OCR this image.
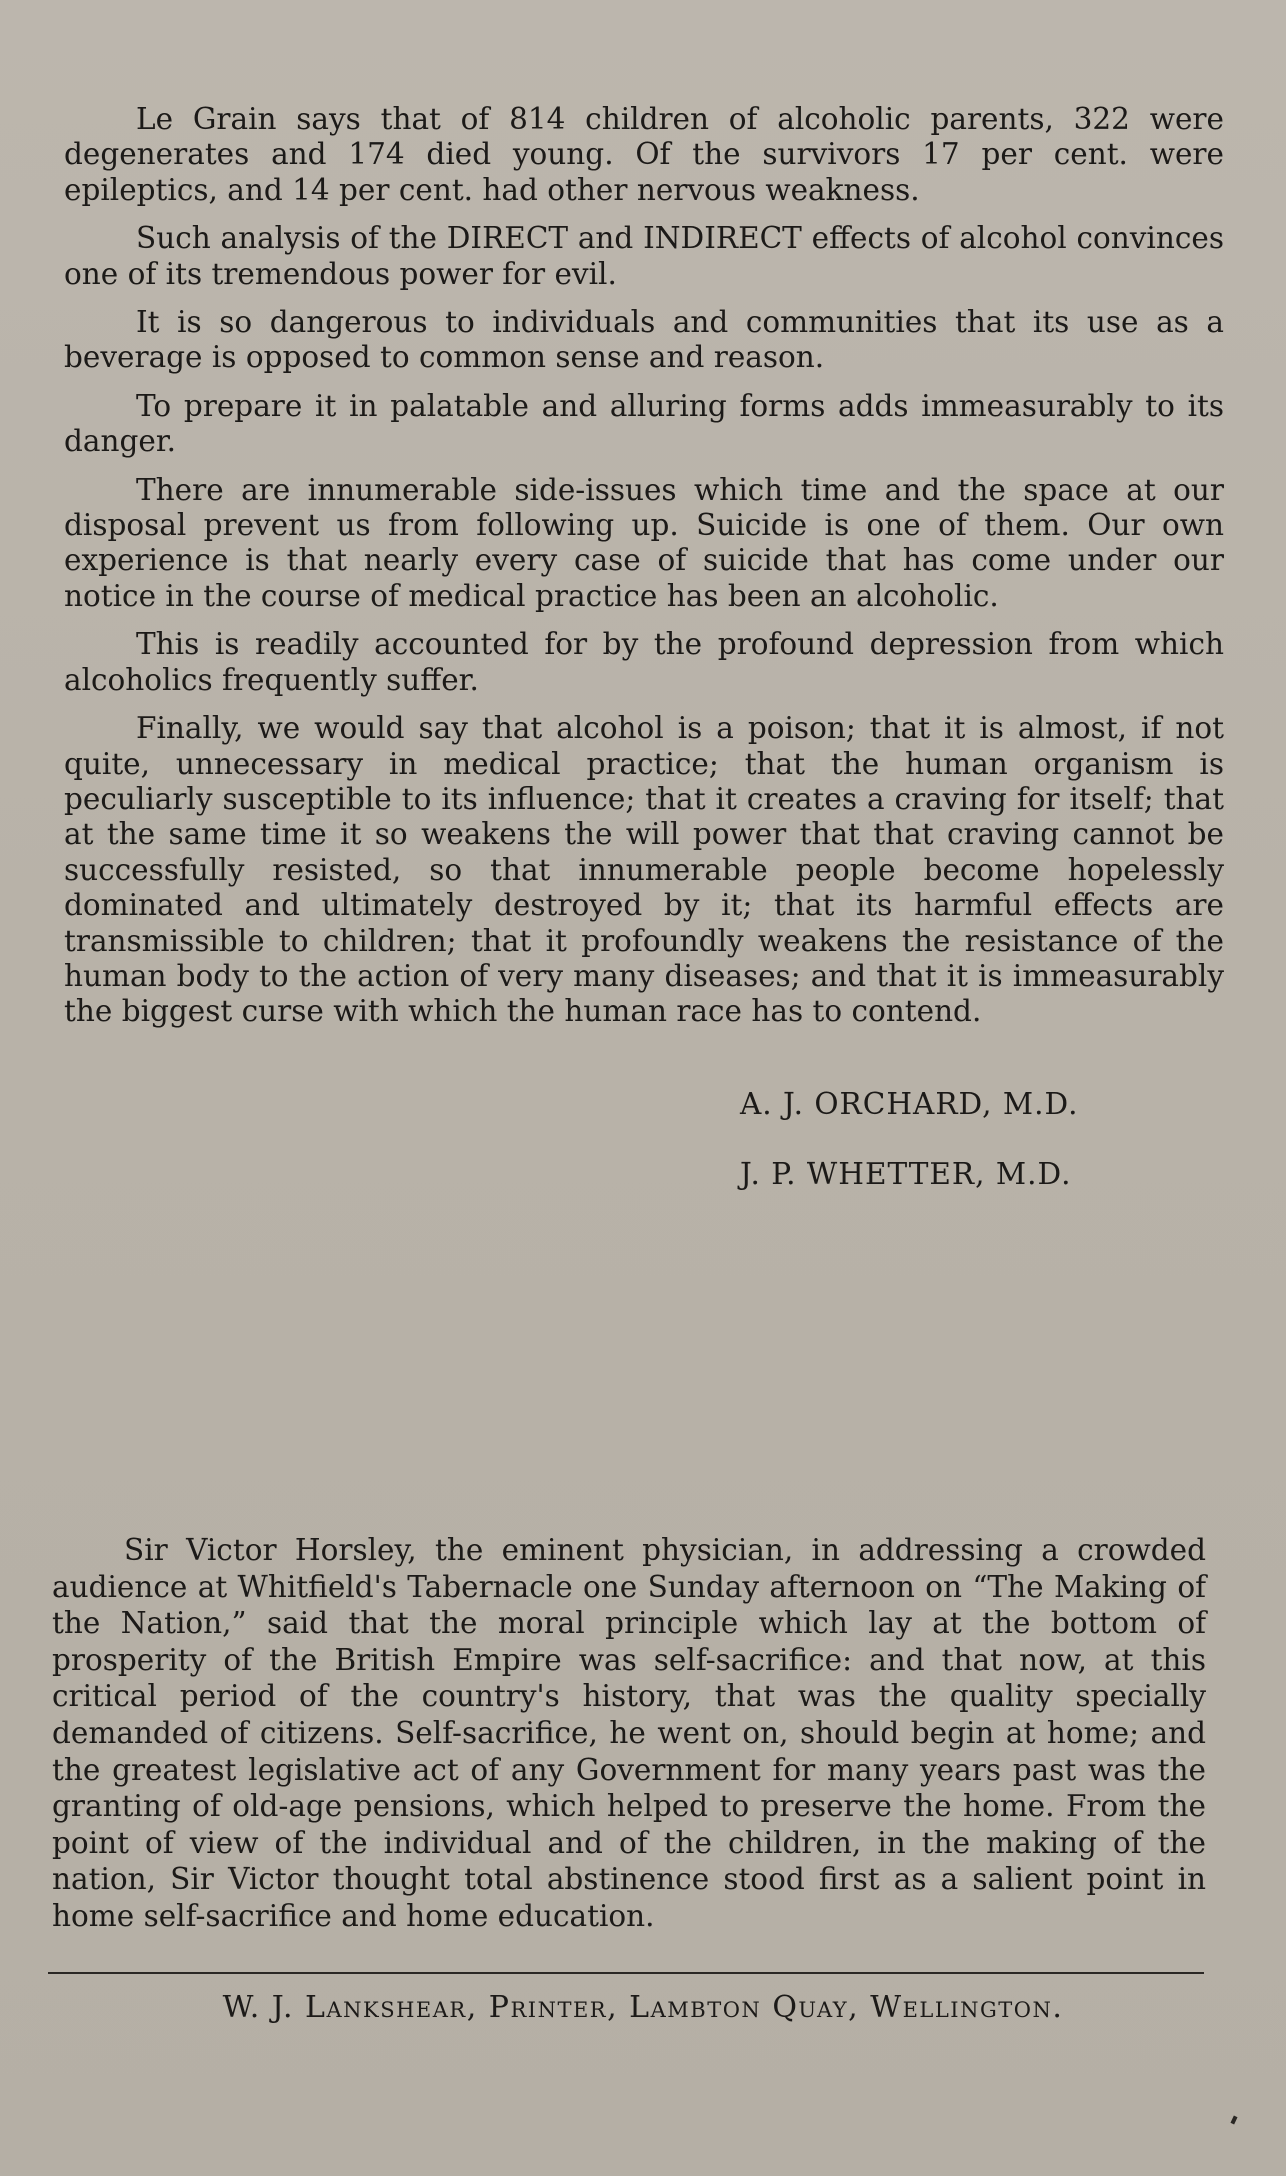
Le Grain says that of 814 children of alcoholic parents, 322 were degenerates and 174 died young. Of the survivors 17 per cent. were epileptics, and 14 per cent. had other nervous weakness.

Such analysis of the DIRECT and INDIRECT effects of alcohol convinces one of its tremendous power for evil.

It is so dangerous to individuals and communities that its use as a beverage is opposed to common sense and reason.

To prepare it in palatable and alluring forms adds immeasurably to its danger.

There are innumerable side-issues which time and the space at our disposal prevent us from following up. Suicide is one of them. Our own experience is that nearly every case of suicide that has come under our notice in the course of medical practice has been an alcoholic.

This is readily accounted for by the profound depression from which alcoholics frequently suffer.

Finally, we would say that alcohol is a poison; that it is almost, if not quite, unnecessary in medical practice; that the human organism is peculiarly susceptible to its influence; that it creates a craving for itself; that at the same time it so weakens the will power that that craving cannot be successfully resisted, so that innumerable people become hopelessly dominated and ultimately destroyed by it; that its harmful effects are transmissible to children; that it profoundly weakens the resistance of the human body to the action of very many diseases; and that it is immeasurably the biggest curse with which the human race has to contend.

A. J. ORCHARD, M.D.
J. P. WHETTER, M.D.

Sir Victor Horsley, the eminent physician, in addressing a crowded audience at Whitfield's Tabernacle one Sunday afternoon on “The Making of the Nation,” said that the moral principle which lay at the bottom of prosperity of the British Empire was self-sacrifice: and that now, at this critical period of the country's history, that was the quality specially demanded of citizens. Self-sacrifice, he went on, should begin at home; and the greatest legislative act of any Government for many years past was the granting of old-age pensions, which helped to preserve the home. From the point of view of the individual and of the children, in the making of the nation, Sir Victor thought total abstinence stood first as a salient point in home self-sacrifice and home education.

W. J. Lankshear, Printer, Lambton Quay, Wellington.
